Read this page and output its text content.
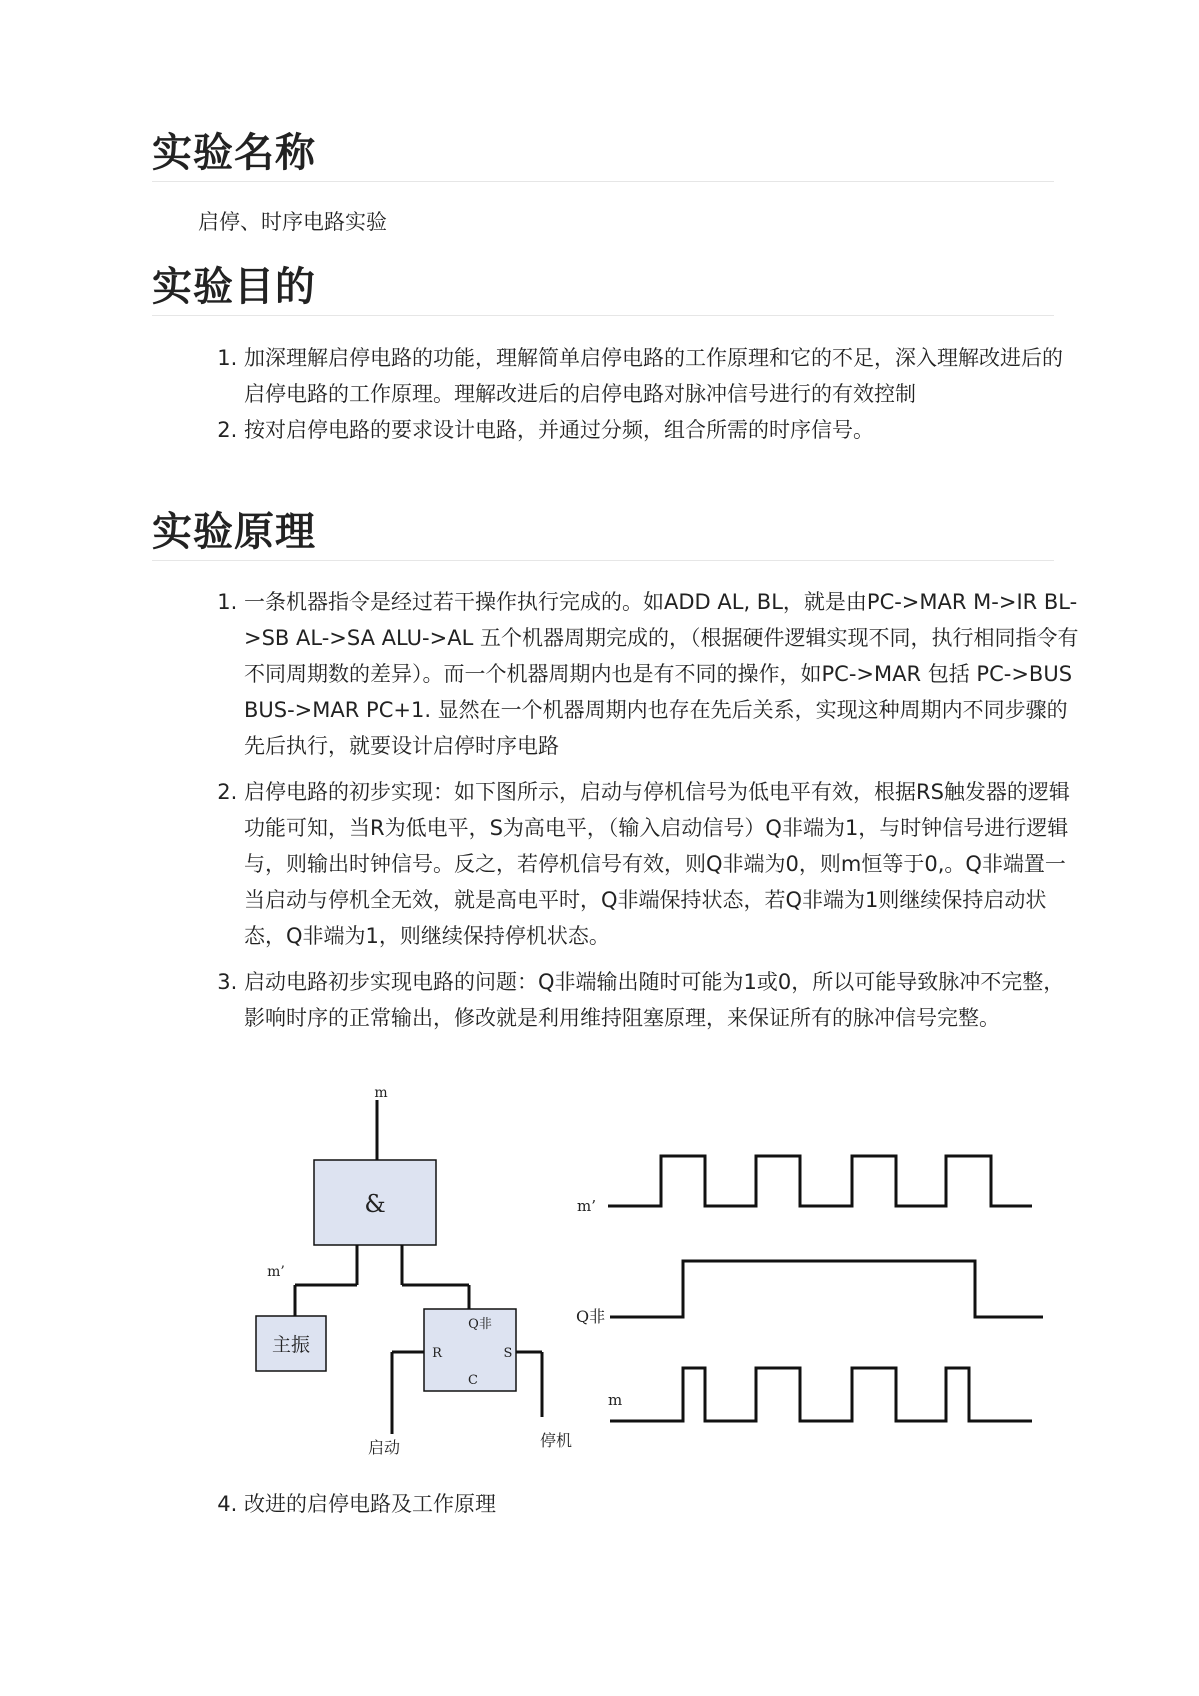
实验名称

启停、时序电路实验

实验目的
1. 加深理解启停电路的功能，理解简单启停电路的工作原理和它的不足，深入理解改进后的启停电路的工作原理。理解改进后的启停电路对脉冲信号进行的有效控制
2. 按对启停电路的要求设计电路，并通过分频，组合所需的时序信号。
实验原理
1. 一条机器指令是经过若干操作执行完成的。如ADD AL, BL，就是由PC->MAR M->IR BL->SB AL->SA ALU->AL 五个机器周期完成的，（根据硬件逻辑实现不同，执行相同指令有不同周期数的差异）。而一个机器周期内也是有不同的操作，如PC->MAR 包括 PC->BUS BUS->MAR PC+1. 显然在一个机器周期内也存在先后关系，实现这种周期内不同步骤的先后执行，就要设计启停时序电路
2. 启停电路的初步实现：如下图所示，启动与停机信号为低电平有效，根据RS触发器的逻辑功能可知，当R为低电平，S为高电平，（输入启动信号）Q非端为1，与时钟信号进行逻辑与，则输出时钟信号。反之，若停机信号有效，则Q非端为0，则m恒等于0,。Q非端置一当启动与停机全无效，就是高电平时，Q非端保持状态，若Q非端为1则继续保持启动状态，Q非端为1，则继续保持停机状态。
3. 启动电路初步实现电路的问题：Q非端输出随时可能为1或0，所以可能导致脉冲不完整，影响时序的正常输出，修改就是利用维持阻塞原理，来保证所有的脉冲信号完整。
&
主振
Q非
R	S
C
m
m’
启动	停机
m’
Q非
m
4. 改进的启停电路及工作原理
